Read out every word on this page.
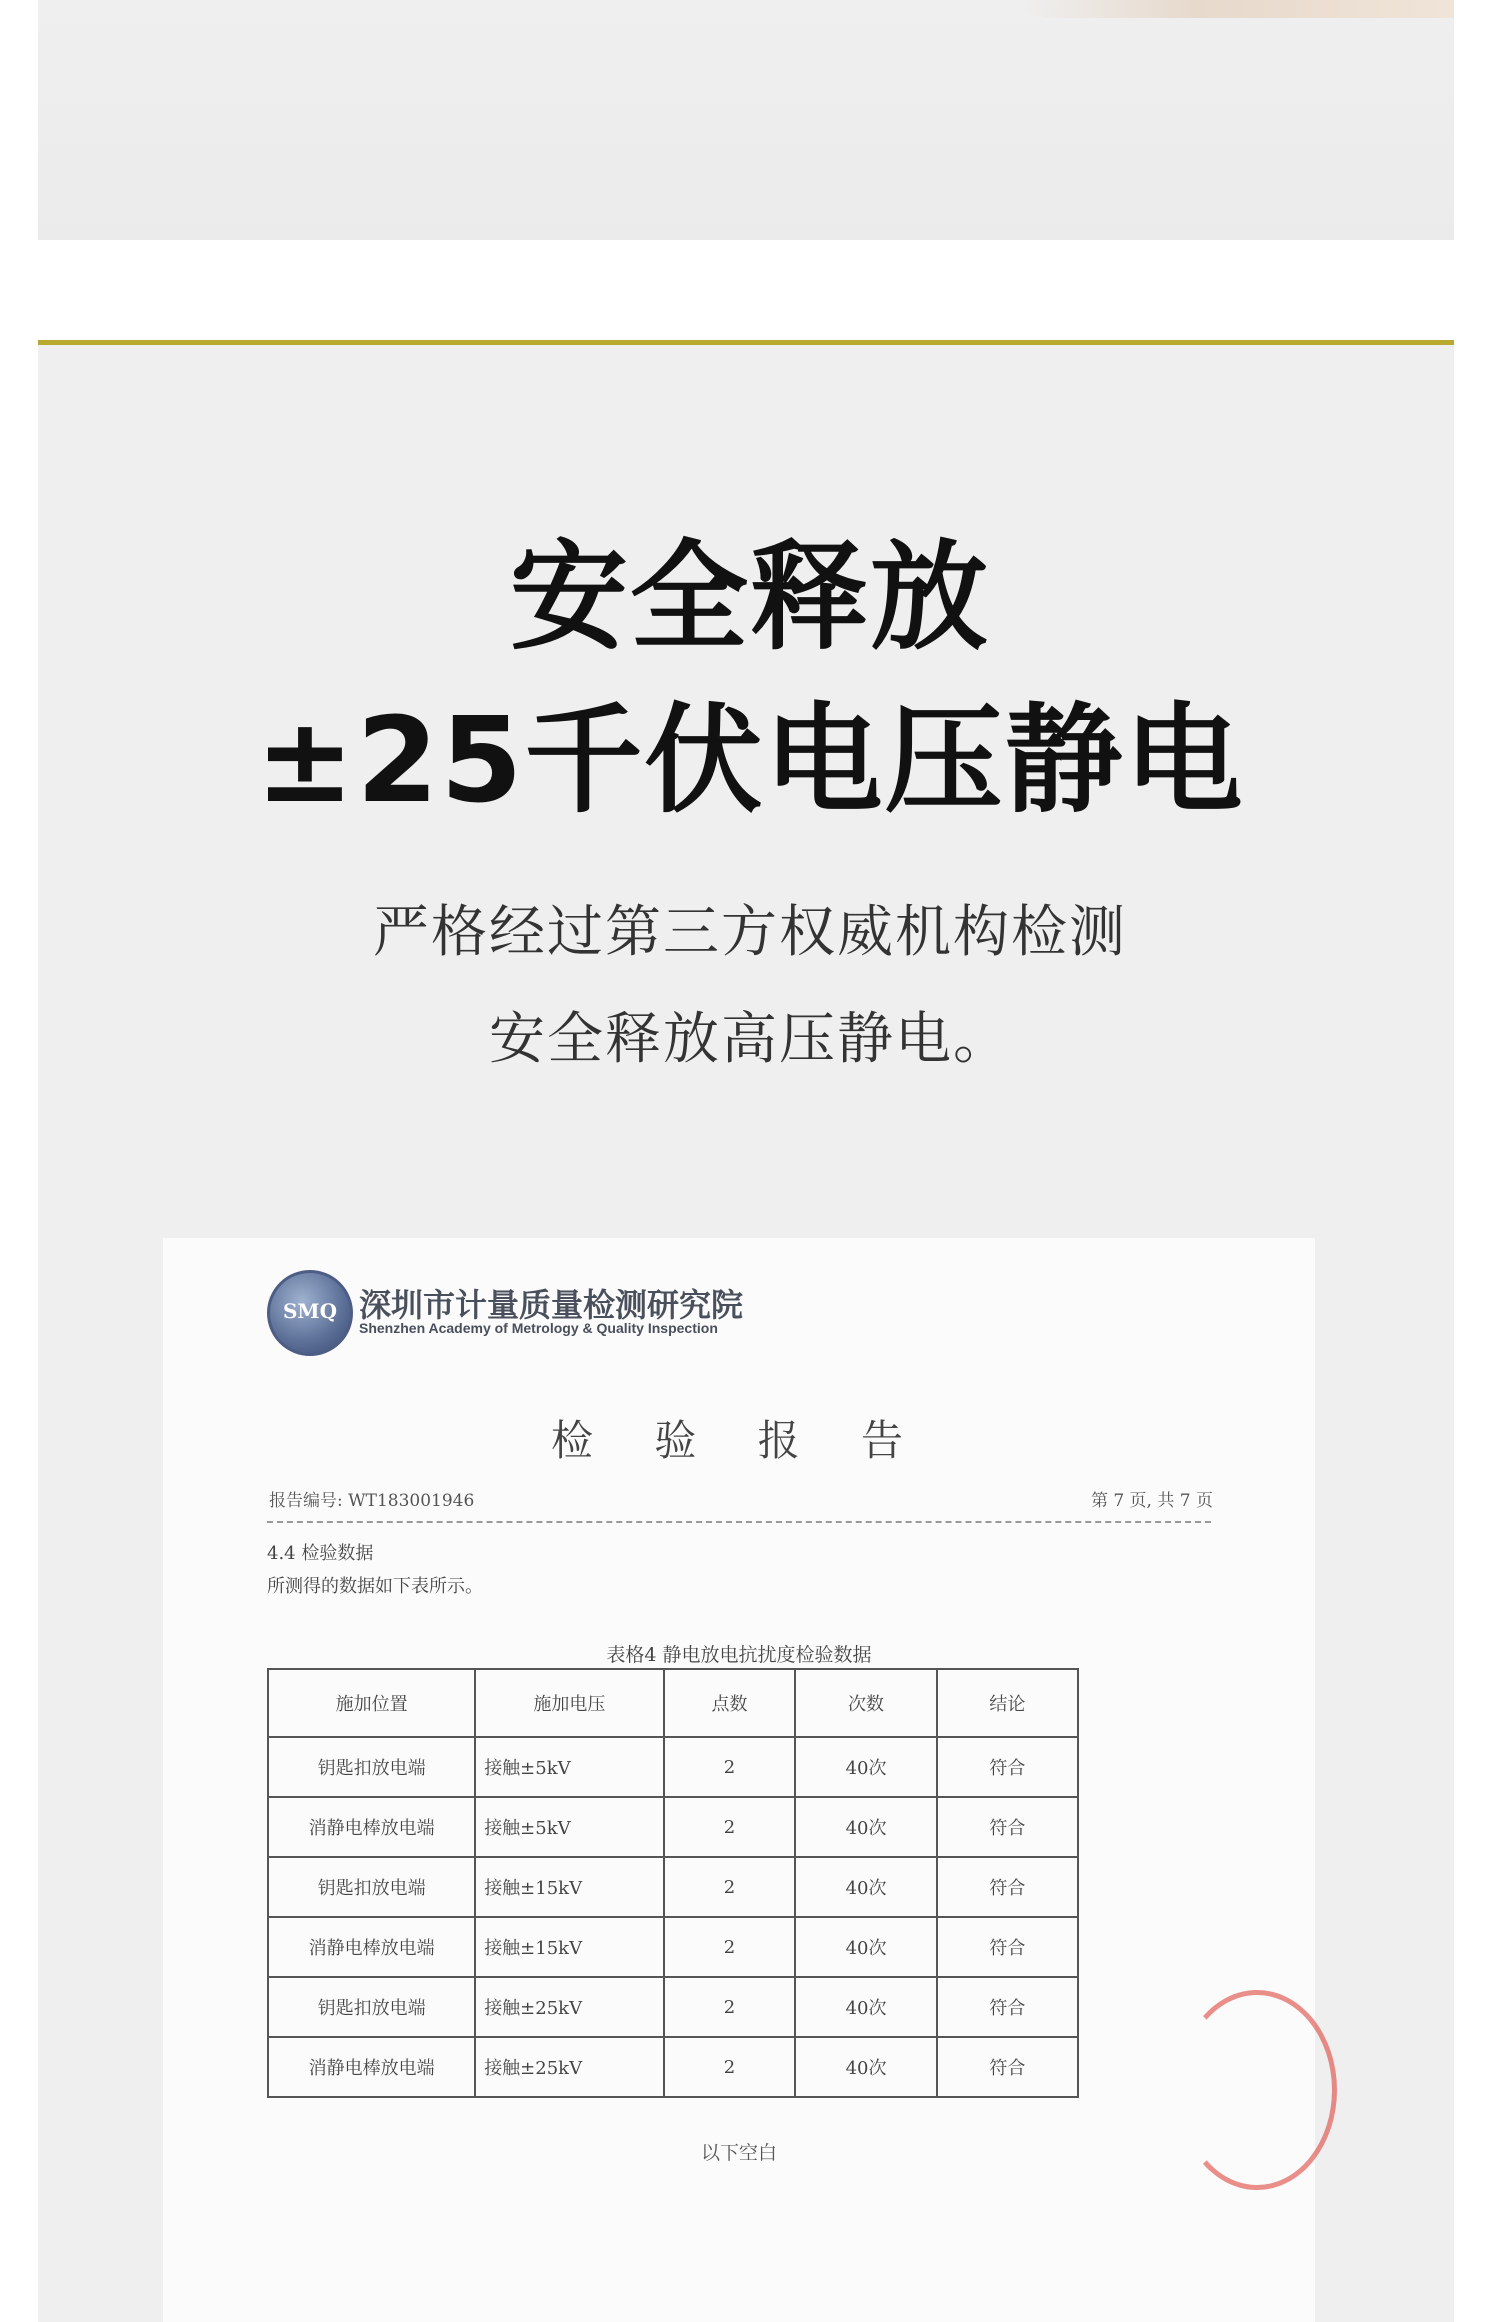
安全释放
±25千伏电压静电
严格经过第三方权威机构检测
安全释放高压静电。
SMQ 深圳市计量质量检测研究院
Shenzhen Academy of Metrology & Quality Inspection
检 验 报 告
报告编号: WT183001946	第 7 页, 共 7 页
4.4 检验数据
所测得的数据如下表所示。
表格4 静电放电抗扰度检验数据
施加位置	施加电压	点数	次数	结论
钥匙扣放电端	接触±5kV	2	40次	符合
消静电棒放电端	接触±5kV	2	40次	符合
钥匙扣放电端	接触±15kV	2	40次	符合
消静电棒放电端	接触±15kV	2	40次	符合
钥匙扣放电端	接触±25kV	2	40次	符合
消静电棒放电端	接触±25kV	2	40次	符合
以下空白
